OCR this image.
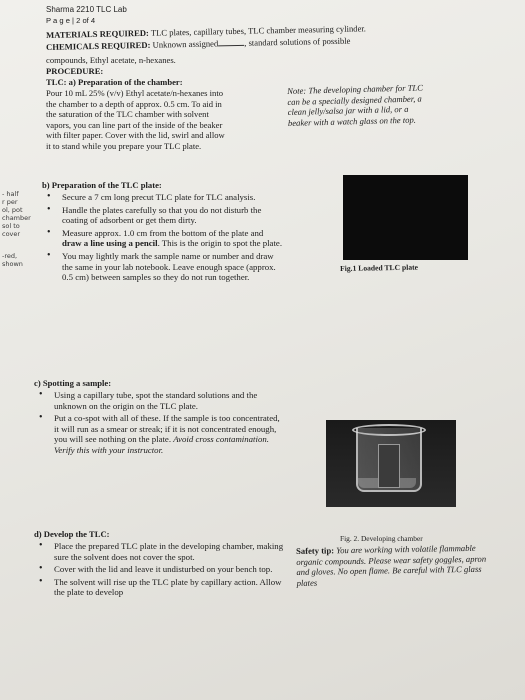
Sharma 2210 TLC Lab
P a g e | 2 of 4
MATERIALS REQUIRED: TLC plates, capillary tubes, TLC chamber measuring cylinder.
CHEMICALS REQUIRED: Unknown assigned	, standard solutions of possible
compounds, Ethyl acetate, n-hexanes.
PROCEDURE:
TLC: a) Preparation of the chamber:
Pour 10 mL 25% (v/v) Ethyl acetate/n-hexanes into
the chamber to a depth of approx. 0.5 cm. To aid in
the saturation of the TLC chamber with solvent
vapors, you can line part of the inside of the beaker
with filter paper. Cover with the lid, swirl and allow
it to stand while you prepare your TLC plate.
Note: The developing chamber for TLC
can be a specially designed chamber, a
clean jelly/salsa jar with a lid, or a
beaker with a watch glass on the top.
- half
r per
ol, pot
chamber
sol to
cover
-red,
shown
b) Preparation of the TLC plate:
• Secure a 7 cm long precut TLC plate for TLC analysis.
• Handle the plates carefully so that you do not disturb the coating of adsorbent or get them dirty.
• Measure approx. 1.0 cm from the bottom of the plate and draw a line using a pencil. This is the origin to spot the plate.
• You may lightly mark the sample name or number and draw the same in your lab notebook. Leave enough space (approx. 0.5 cm) between samples so they do not run together.
Fig.1 Loaded TLC plate
c) Spotting a sample:
• Using a capillary tube, spot the standard solutions and the unknown on the origin on the TLC plate.
• Put a co-spot with all of these. If the sample is too concentrated, it will run as a smear or streak; if it is not concentrated enough, you will see nothing on the plate. Avoid cross contamination. Verify this with your instructor.
d) Develop the TLC:
• Place the prepared TLC plate in the developing chamber, making sure the solvent does not cover the spot.
• Cover with the lid and leave it undisturbed on your bench top.
• The solvent will rise up the TLC plate by capillary action. Allow the plate to develop
Fig. 2. Developing chamber
Safety tip: You are working with volatile flammable organic compounds. Please wear safety goggles, apron and gloves. No open flame. Be careful with TLC glass plates
